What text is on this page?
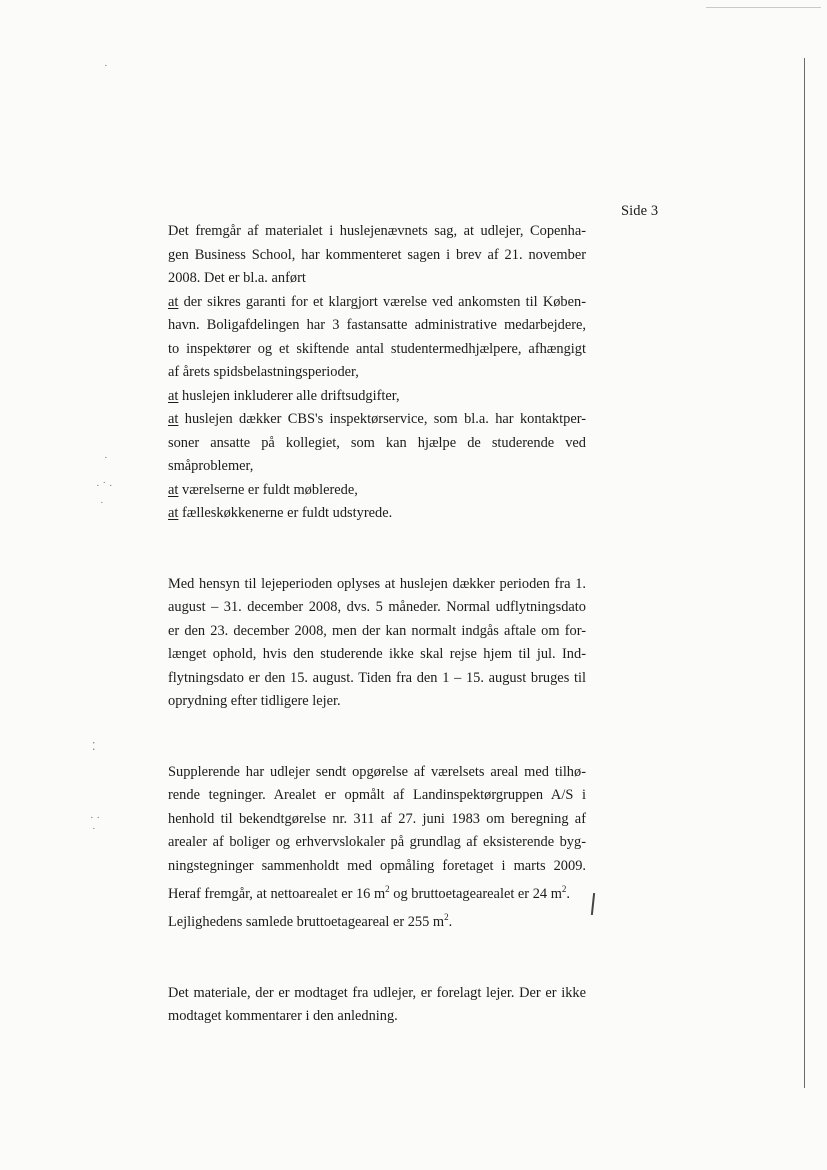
·
·
· ˙ ·
˙
⁚
· ·
˙
Side 3

Det fremgår af materialet i huslejenævnets sag, at udlejer, Copenha-

gen Business School, har kommenteret sagen i brev af 21. november

2008. Det er bl.a. anført

at der sikres garanti for et klargjort værelse ved ankomsten til Køben-

havn. Boligafdelingen har 3 fastansatte administrative medarbejdere,

to inspektører og et skiftende antal studentermedhjælpere, afhængigt

af årets spidsbelastningsperioder,

at huslejen inkluderer alle driftsudgifter,

at huslejen dækker CBS's inspektørservice, som bl.a. har kontaktper-

soner ansatte på kollegiet, som kan hjælpe de studerende ved

småproblemer,

at værelserne er fuldt møblerede,

at fælleskøkkenerne er fuldt udstyrede.

Med hensyn til lejeperioden oplyses at huslejen dækker perioden fra 1.

august – 31. december 2008, dvs. 5 måneder. Normal udflytningsdato

er den 23. december 2008, men der kan normalt indgås aftale om for-

længet ophold, hvis den studerende ikke skal rejse hjem til jul. Ind-

flytningsdato er den 15. august. Tiden fra den 1 – 15. august bruges til

oprydning efter tidligere lejer.

Supplerende har udlejer sendt opgørelse af værelsets areal med tilhø-

rende tegninger. Arealet er opmålt af Landinspektørgruppen A/S i

henhold til bekendtgørelse nr. 311 af 27. juni 1983 om beregning af

arealer af boliger og erhvervslokaler på grundlag af eksisterende byg-

ningstegninger sammenholdt med opmåling foretaget i marts 2009.

Heraf fremgår, at nettoarealet er 16 $m^2$ og bruttoetagearealet er 24 $m^2$.

Lejlighedens samlede bruttoetageareal er 255 $m^2$.

Det materiale, der er modtaget fra udlejer, er forelagt lejer. Der er ikke

modtaget kommentarer i den anledning.
